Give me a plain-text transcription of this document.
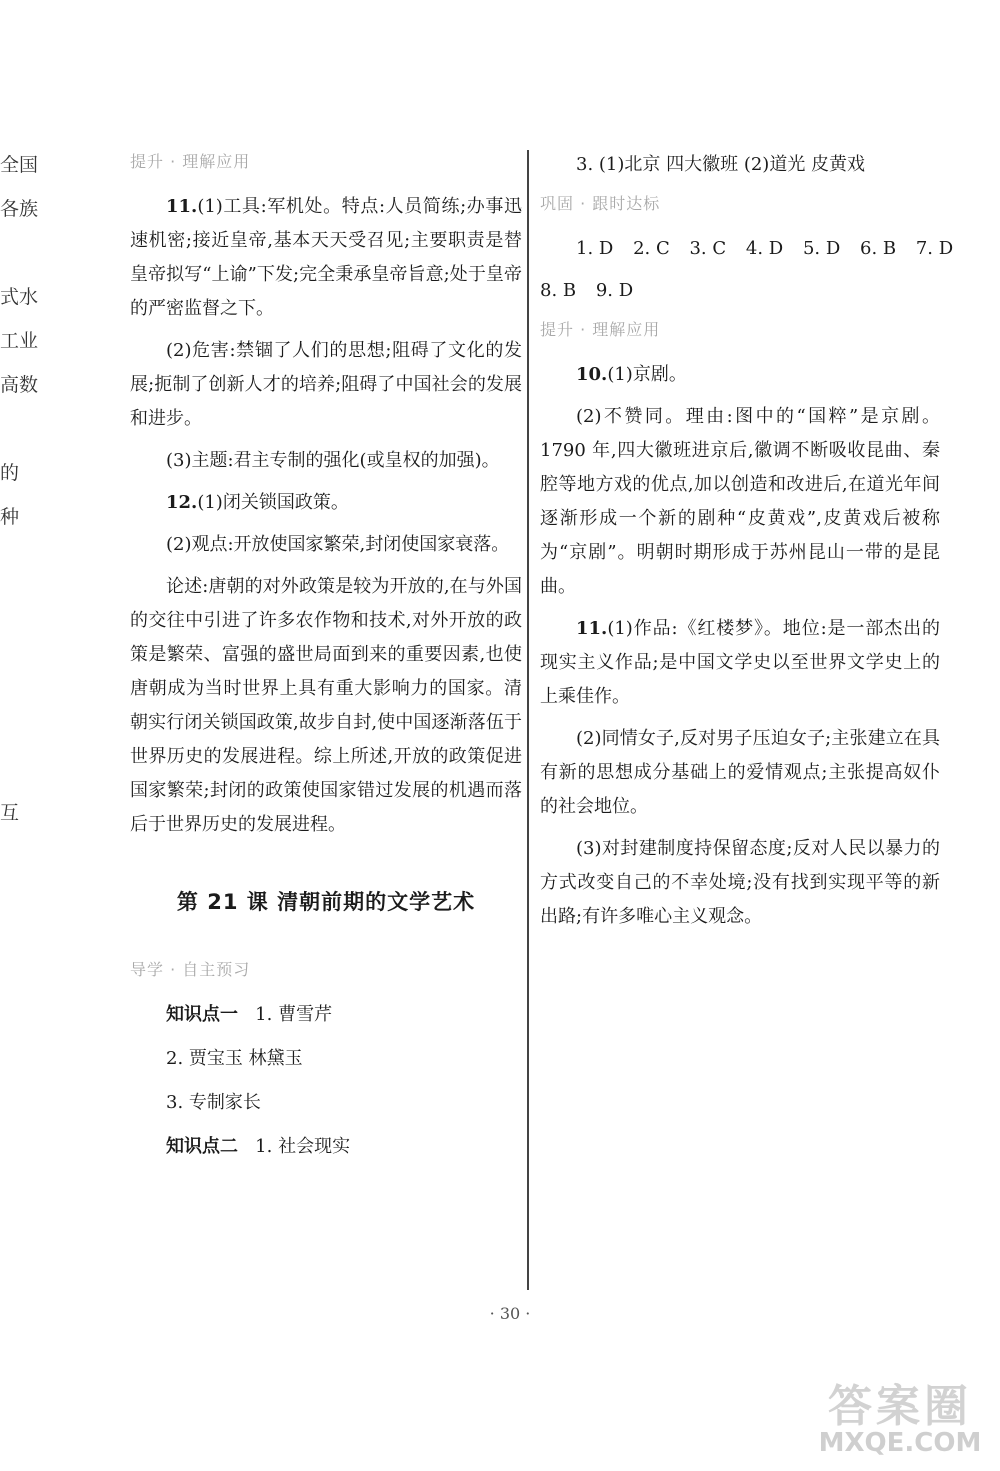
全国
各族
式水
工业
高数
的
种
互
提升 · 理解应用

11.(1)工具:军机处。特点:人员简练;办事迅速机密;接近皇帝,基本天天受召见;主要职责是替皇帝拟写“上谕”下发;完全秉承皇帝旨意;处于皇帝的严密监督之下。

(2)危害:禁锢了人们的思想;阻碍了文化的发展;扼制了创新人才的培养;阻碍了中国社会的发展和进步。

(3)主题:君主专制的强化(或皇权的加强)。

12.(1)闭关锁国政策。

(2)观点:开放使国家繁荣,封闭使国家衰落。

论述:唐朝的对外政策是较为开放的,在与外国的交往中引进了许多农作物和技术,对外开放的政策是繁荣、富强的盛世局面到来的重要因素,也使唐朝成为当时世界上具有重大影响力的国家。清朝实行闭关锁国政策,故步自封,使中国逐渐落伍于世界历史的发展进程。综上所述,开放的政策促进国家繁荣;封闭的政策使国家错过发展的机遇而落后于世界历史的发展进程。

第 21 课 清朝前期的文学艺术
导学 · 自主预习

知识点一 1. 曹雪芹

2. 贾宝玉 林黛玉

3. 专制家长

知识点二 1. 社会现实

3. (1)北京 四大徽班 (2)道光 皮黄戏

巩固 · 跟时达标

1. D 2. C 3. C 4. D 5. D 6. B 7. D

8. B 9. D

提升 · 理解应用

10.(1)京剧。

(2)不赞同。理由:图中的“国粹”是京剧。1790 年,四大徽班进京后,徽调不断吸收昆曲、秦腔等地方戏的优点,加以创造和改进后,在道光年间逐渐形成一个新的剧种“皮黄戏”,皮黄戏后被称为“京剧”。明朝时期形成于苏州昆山一带的是昆曲。

11.(1)作品:《红楼梦》。地位:是一部杰出的现实主义作品;是中国文学史以至世界文学史上的上乘佳作。

(2)同情女子,反对男子压迫女子;主张建立在具有新的思想成分基础上的爱情观点;主张提高奴仆的社会地位。

(3)对封建制度持保留态度;反对人民以暴力的方式改变自己的不幸处境;没有找到实现平等的新出路;有许多唯心主义观念。

· 30 ·
答案圈
MXQE.COM
